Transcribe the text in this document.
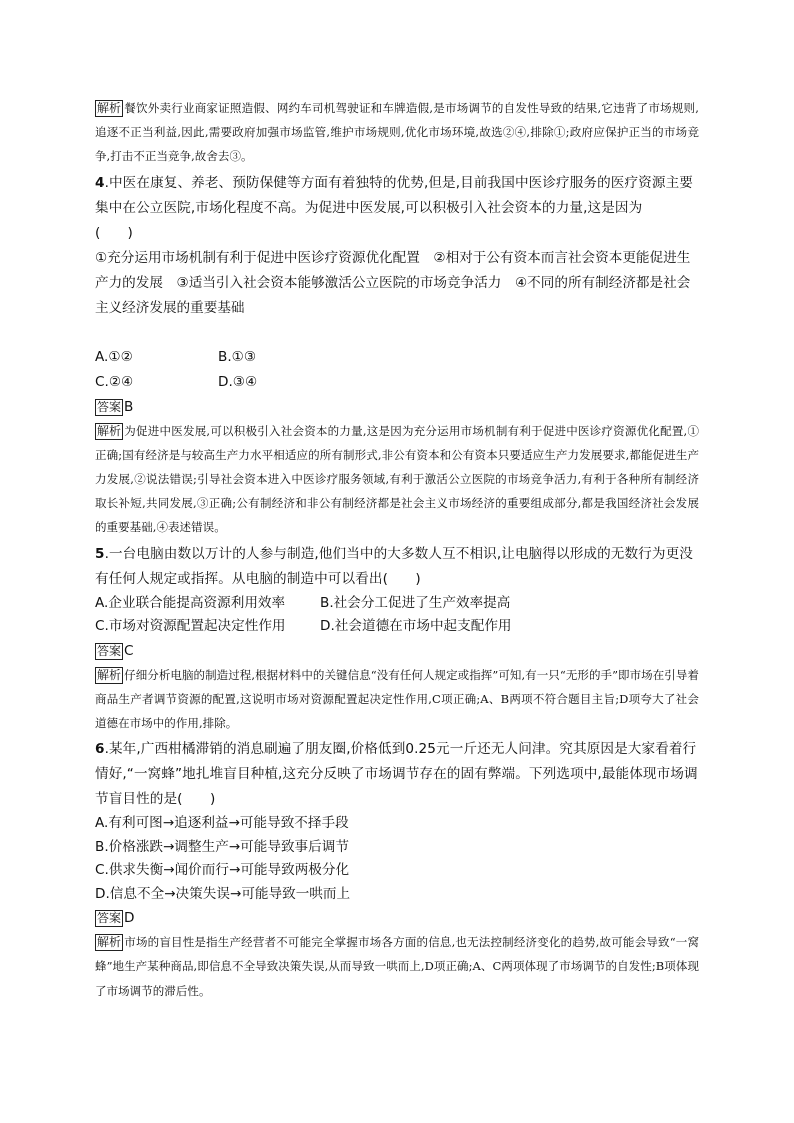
解析 餐饮外卖行业商家证照造假、网约车司机驾驶证和车牌造假,是市场调节的自发性导致的结果,它违背了市场规则,追逐不正当利益,因此,需要政府加强市场监管,维护市场规则,优化市场环境,故选②④,排除①;政府应保护正当的市场竞争,打击不正当竞争,故舍去③。

4.中医在康复、养老、预防保健等方面有着独特的优势,但是,目前我国中医诊疗服务的医疗资源主要集中在公立医院,市场化程度不高。为促进中医发展,可以积极引入社会资本的力量,这是因为

(　　)

①充分运用市场机制有利于促进中医诊疗资源优化配置　②相对于公有资本而言社会资本更能促进生产力的发展　③适当引入社会资本能够激活公立医院的市场竞争活力　④不同的所有制经济都是社会主义经济发展的重要基础

A.①②	B.①③
C.②④	D.③④

答案 B

解析 为促进中医发展,可以积极引入社会资本的力量,这是因为充分运用市场机制有利于促进中医诊疗资源优化配置,①正确;国有经济是与较高生产力水平相适应的所有制形式,非公有资本和公有资本只要适应生产力发展要求,都能促进生产力发展,②说法错误;引导社会资本进入中医诊疗服务领域,有利于激活公立医院的市场竞争活力,有利于各种所有制经济取长补短,共同发展,③正确;公有制经济和非公有制经济都是社会主义市场经济的重要组成部分,都是我国经济社会发展的重要基础,④表述错误。

5.一台电脑由数以万计的人参与制造,他们当中的大多数人互不相识,让电脑得以形成的无数行为更没有任何人规定或指挥。从电脑的制造中可以看出(　　)

A.企业联合能提高资源利用效率	B.社会分工促进了生产效率提高
C.市场对资源配置起决定性作用	D.社会道德在市场中起支配作用

答案 C

解析 仔细分析电脑的制造过程,根据材料中的关键信息“没有任何人规定或指挥”可知,有一只“无形的手”即市场在引导着商品生产者调节资源的配置,这说明市场对资源配置起决定性作用,C项正确;A、B两项不符合题目主旨;D项夸大了社会道德在市场中的作用,排除。

6.某年,广西柑橘滞销的消息刷遍了朋友圈,价格低到0.25元一斤还无人问津。究其原因是大家看着行情好,“一窝蜂”地扎堆盲目种植,这充分反映了市场调节存在的固有弊端。下列选项中,最能体现市场调节盲目性的是(　　)

A.有利可图→追逐利益→可能导致不择手段
B.价格涨跌→调整生产→可能导致事后调节
C.供求失衡→闻价而行→可能导致两极分化
D.信息不全→决策失误→可能导致一哄而上

答案 D

解析 市场的盲目性是指生产经营者不可能完全掌握市场各方面的信息,也无法控制经济变化的趋势,故可能会导致“一窝蜂”地生产某种商品,即信息不全导致决策失误,从而导致一哄而上,D项正确;A、C两项体现了市场调节的自发性;B项体现了市场调节的滞后性。
